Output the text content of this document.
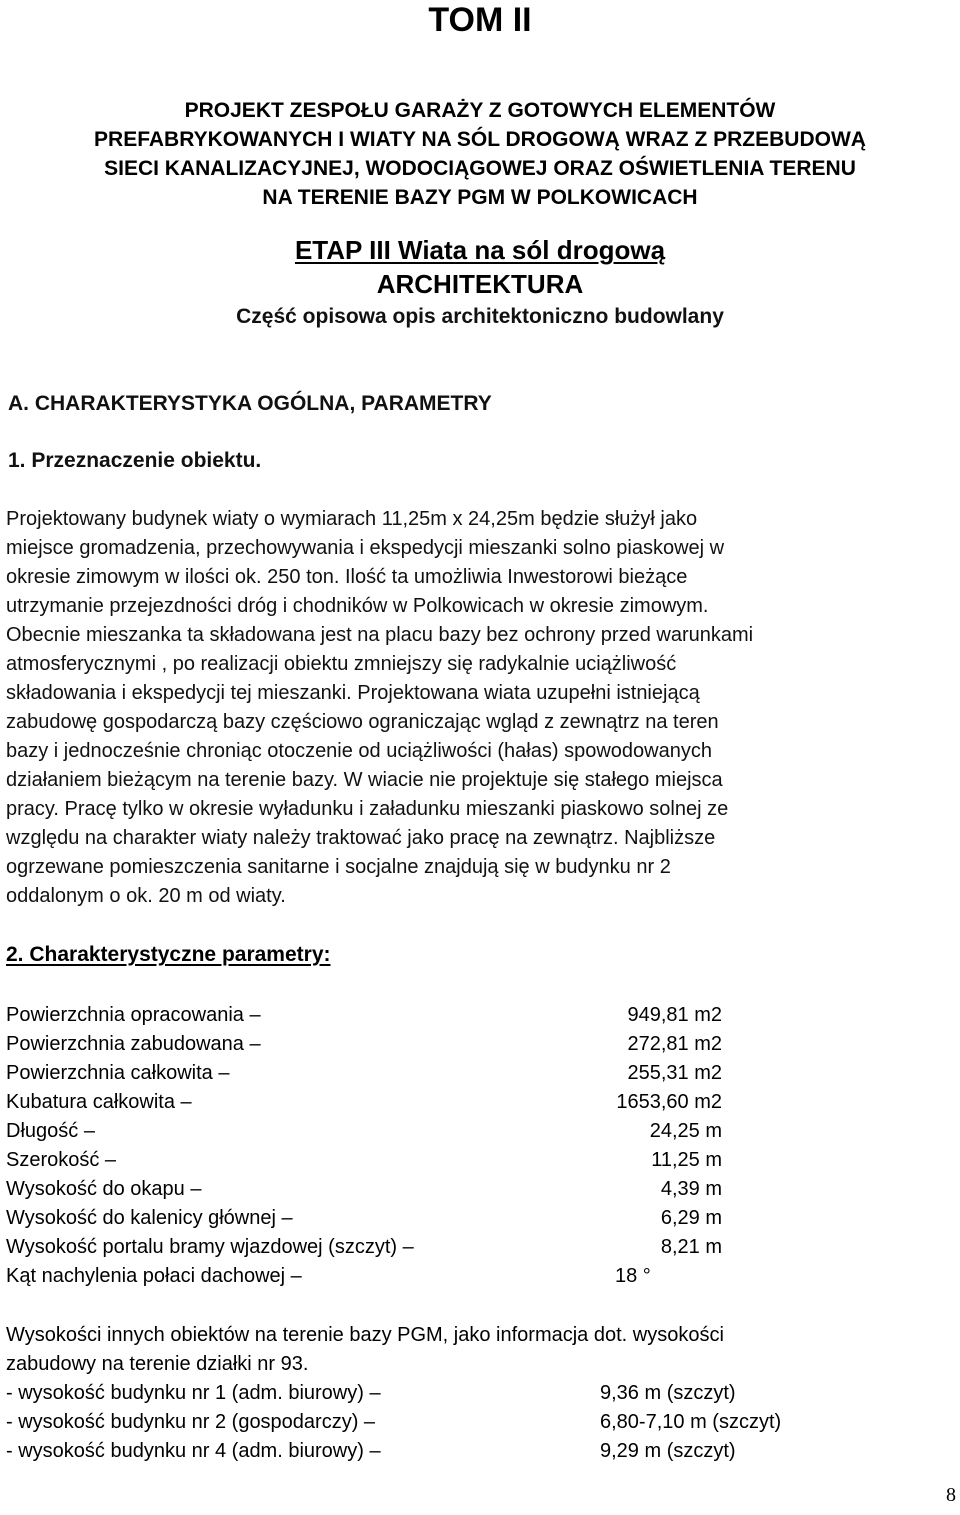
TOM II
PROJEKT ZESPOŁU GARAŻY Z GOTOWYCH ELEMENTÓW
PREFABRYKOWANYCH I WIATY NA SÓL DROGOWĄ WRAZ Z PRZEBUDOWĄ
SIECI KANALIZACYJNEJ, WODOCIĄGOWEJ ORAZ OŚWIETLENIA TERENU
NA TERENIE BAZY PGM W POLKOWICACH
ETAP III Wiata na sól drogową
ARCHITEKTURA
Część opisowa opis architektoniczno budowlany
A. CHARAKTERYSTYKA OGÓLNA, PARAMETRY
1. Przeznaczenie obiektu.
Projektowany budynek wiaty o wymiarach 11,25m x 24,25m będzie służył jako
miejsce gromadzenia, przechowywania i ekspedycji mieszanki solno piaskowej w
okresie zimowym w ilości ok. 250 ton. Ilość ta umożliwia Inwestorowi bieżące
utrzymanie przejezdności dróg i chodników w Polkowicach w okresie zimowym.
Obecnie mieszanka ta składowana jest na placu bazy bez ochrony przed warunkami
atmosferycznymi , po realizacji obiektu zmniejszy się radykalnie uciążliwość
składowania i ekspedycji tej mieszanki. Projektowana wiata uzupełni istniejącą
zabudowę gospodarczą bazy częściowo ograniczając wgląd z zewnątrz na teren
bazy i jednocześnie chroniąc otoczenie od uciążliwości (hałas) spowodowanych
działaniem bieżącym na terenie bazy. W wiacie nie projektuje się stałego miejsca
pracy. Pracę tylko w okresie wyładunku i załadunku mieszanki piaskowo solnej ze
względu na charakter wiaty należy traktować jako pracę na zewnątrz. Najbliższe
ogrzewane pomieszczenia sanitarne i socjalne znajdują się w budynku nr 2
oddalonym o ok. 20 m od wiaty.
2. Charakterystyczne parametry:
Powierzchnia opracowania –	949,81 m2
Powierzchnia zabudowana –	272,81 m2
Powierzchnia całkowita –	255,31 m2
Kubatura całkowita –	1653,60 m2
Długość –	24,25 m
Szerokość –	11,25 m
Wysokość do okapu –	4,39 m
Wysokość do kalenicy głównej –	6,29 m
Wysokość portalu bramy wjazdowej (szczyt) –	8,21 m
Kąt nachylenia połaci dachowej –	18 °
Wysokości innych obiektów na terenie bazy PGM, jako informacja dot. wysokości
zabudowy na terenie działki nr 93.
- wysokość budynku nr 1 (adm. biurowy) –	9,36 m (szczyt)
- wysokość budynku nr 2 (gospodarczy) –	6,80-7,10 m (szczyt)
- wysokość budynku nr 4 (adm. biurowy) –	9,29 m (szczyt)
8
